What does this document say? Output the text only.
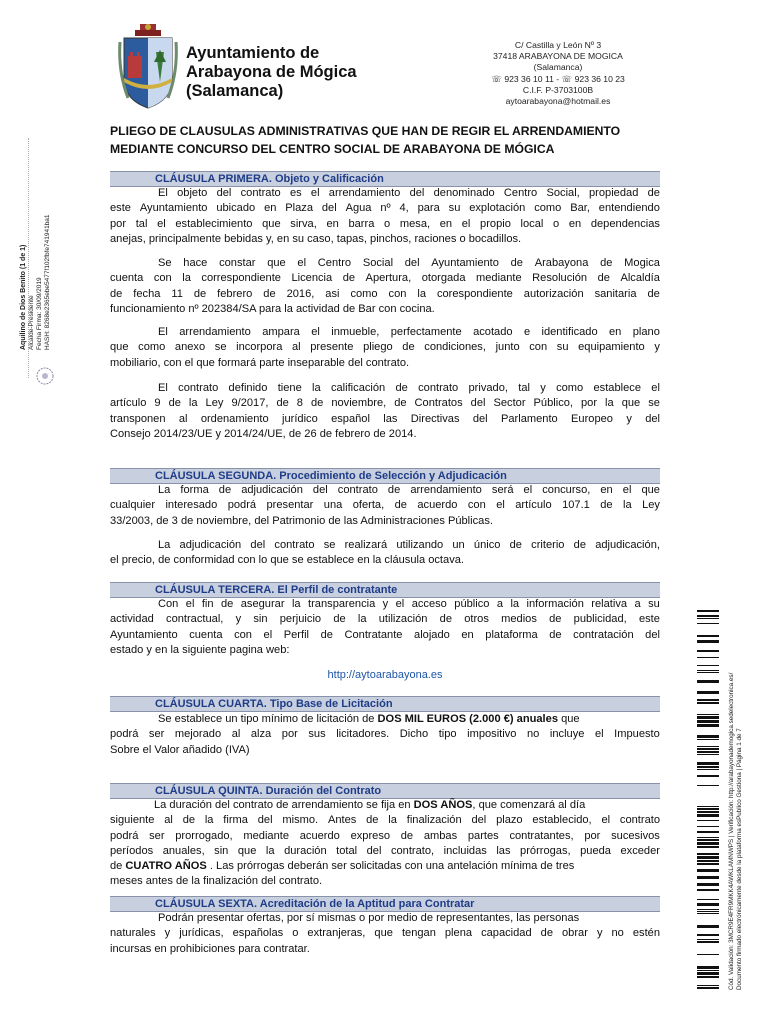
Ayuntamiento de
Arabayona de Mógica
(Salamanca)
C/ Castilla y León Nº 3
37418 ARABAYONA DE MOGICA
(Salamanca)
☏ 923 36 10 11 - ☏ 923 36 10 23
C.I.F. P-3703100B
aytoarabayona@hotmail.es
PLIEGO DE CLAUSULAS ADMINISTRATIVAS QUE HAN DE REGIR EL ARRENDAMIENTO
MEDIANTE CONCURSO DEL CENTRO SOCIAL DE ARABAYONA DE MÓGICA
CLÁUSULA PRIMERA. Objeto y Calificación
El objeto del contrato es el arrendamiento del denominado Centro Social, propiedad de
este Ayuntamiento ubicado en Plaza del Agua nº 4, para su explotación como Bar, entendiendo
por tal el establecimiento que sirva, en barra o mesa, en el propio local o en dependencias
anejas, principalmente bebidas y, en su caso, tapas, pinchos, raciones o bocadillos.
Se hace constar que el Centro Social del Ayuntamiento de Arabayona de Mogica
cuenta con la correspondiente Licencia de Apertura, otorgada mediante Resolución de Alcaldía
de fecha 11 de febrero de 2016, asi como con la corespondiente autorización sanitaria de
funcionamiento nº 202384/SA para la actividad de Bar con cocina.
El arrendamiento ampara el inmueble, perfectamente acotado e identificado en plano
que como anexo se incorpora al presente pliego de condiciones, junto con su equipamiento y
mobiliario, con el que formará parte inseparable del contrato.
El contrato definido tiene la calificación de contrato privado, tal y como establece el
artículo 9 de la Ley 9/2017, de 8 de noviembre, de Contratos del Sector Público, por la que se
transponen al ordenamiento jurídico español las Directivas del Parlamento Europeo y del
Consejo 2014/23/UE y 2014/24/UE, de 26 de febrero de 2014.
CLÁUSULA SEGUNDA. Procedimiento de Selección y Adjudicación
La forma de adjudicación del contrato de arrendamiento será el concurso, en el que
cualquier interesado podrá presentar una oferta, de acuerdo con el artículo 107.1 de la Ley
33/2003, de 3 de noviembre, del Patrimonio de las Administraciones Públicas.
La adjudicación del contrato se realizará utilizando un único de criterio de adjudicación,
el precio, de conformidad con lo que se establece en la cláusula octava.
CLÁUSULA TERCERA. El Perfil de contratante
Con el fin de asegurar la transparencia y el acceso público a la información relativa a su
actividad contractual, y sin perjuicio de la utilización de otros medios de publicidad, este
Ayuntamiento cuenta con el Perfil de Contratante alojado en plataforma de contratación del
estado y en la siguiente pagina web:
http://aytoarabayona.es
CLÁUSULA CUARTA. Tipo Base de Licitación
Se establece un tipo mínimo de licitación de DOS MIL EUROS (2.000 €) anuales que
podrá ser mejorado al alza por sus licitadores. Dicho tipo impositivo no incluye el Impuesto
Sobre el Valor añadido (IVA)
CLÁUSULA QUINTA. Duración del Contrato
La duración del contrato de arrendamiento se fija en DOS AÑOS , que comenzará al día
siguiente al de la firma del mismo. Antes de la finalización del plazo establecido, el contrato
podrá ser prorrogado, mediante acuerdo expreso de ambas partes contratantes, por sucesivos
períodos anuales, sin que la duración total del contrato, incluidas las prórrogas, pueda exceder
de CUATRO AÑOS . Las prórrogas deberán ser solicitadas con una antelación mínima de tres
meses antes de la finalización del contrato.
CLÁUSULA SEXTA. Acreditación de la Aptitud para Contratar
Podrán presentar ofertas, por sí mismas o por medio de representantes, las personas
naturales y jurídicas, españolas o extranjeras, que tengan plena capacidad de obrar y no estén
incursas en prohibiciones para contratar.
Aquilino de Dios Benito (1 de 1) Alcalde-Presidente Fecha Firma: 30/09/2019 HASH: 8268e2365ebe5477f102fbfe741941ba1
Cód. Validación: 3MCR9E4FR9MKK4AWKLAMNWPS | Verificación: http://arabayonademogica.sedelectronica.es/ Documento firmado electrónicamente desde la plataforma esPublico Gestiona | Página 1 de 7
